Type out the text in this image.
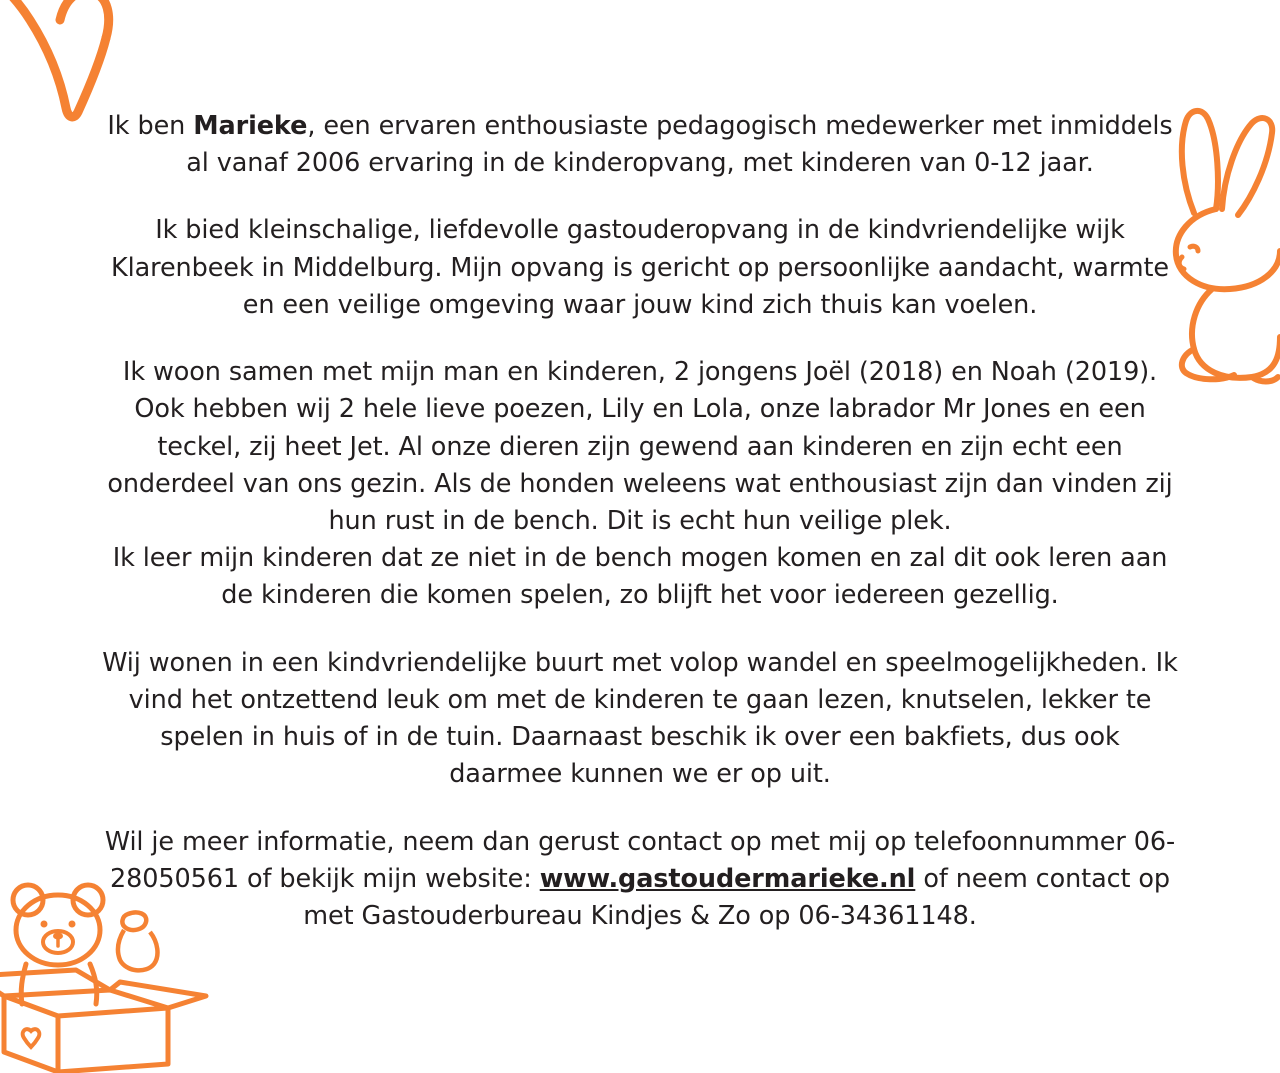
Ik ben Marieke, een ervaren enthousiaste pedagogisch medewerker met inmiddels al vanaf 2006 ervaring in de kinderopvang, met kinderen van 0-12 jaar.

Ik bied kleinschalige, liefdevolle gastouderopvang in de kindvriendelijke wijk Klarenbeek in Middelburg. Mijn opvang is gericht op persoonlijke aandacht, warmte en een veilige omgeving waar jouw kind zich thuis kan voelen.

Ik woon samen met mijn man en kinderen, 2 jongens Joël (2018) en Noah (2019). Ook hebben wij 2 hele lieve poezen, Lily en Lola, onze labrador Mr Jones en een teckel, zij heet Jet. Al onze dieren zijn gewend aan kinderen en zijn echt een onderdeel van ons gezin. Als de honden weleens wat enthousiast zijn dan vinden zij hun rust in de bench. Dit is echt hun veilige plek.

Ik leer mijn kinderen dat ze niet in de bench mogen komen en zal dit ook leren aan de kinderen die komen spelen, zo blijft het voor iedereen gezellig.

Wij wonen in een kindvriendelijke buurt met volop wandel en speelmogelijkheden. Ik vind het ontzettend leuk om met de kinderen te gaan lezen, knutselen, lekker te spelen in huis of in de tuin. Daarnaast beschik ik over een bakfiets, dus ook daarmee kunnen we er op uit.

Wil je meer informatie, neem dan gerust contact op met mij op telefoonnummer 06-28050561 of bekijk mijn website: www.gastoudermarieke.nl of neem contact op met Gastouderbureau Kindjes & Zo op 06-34361148.
